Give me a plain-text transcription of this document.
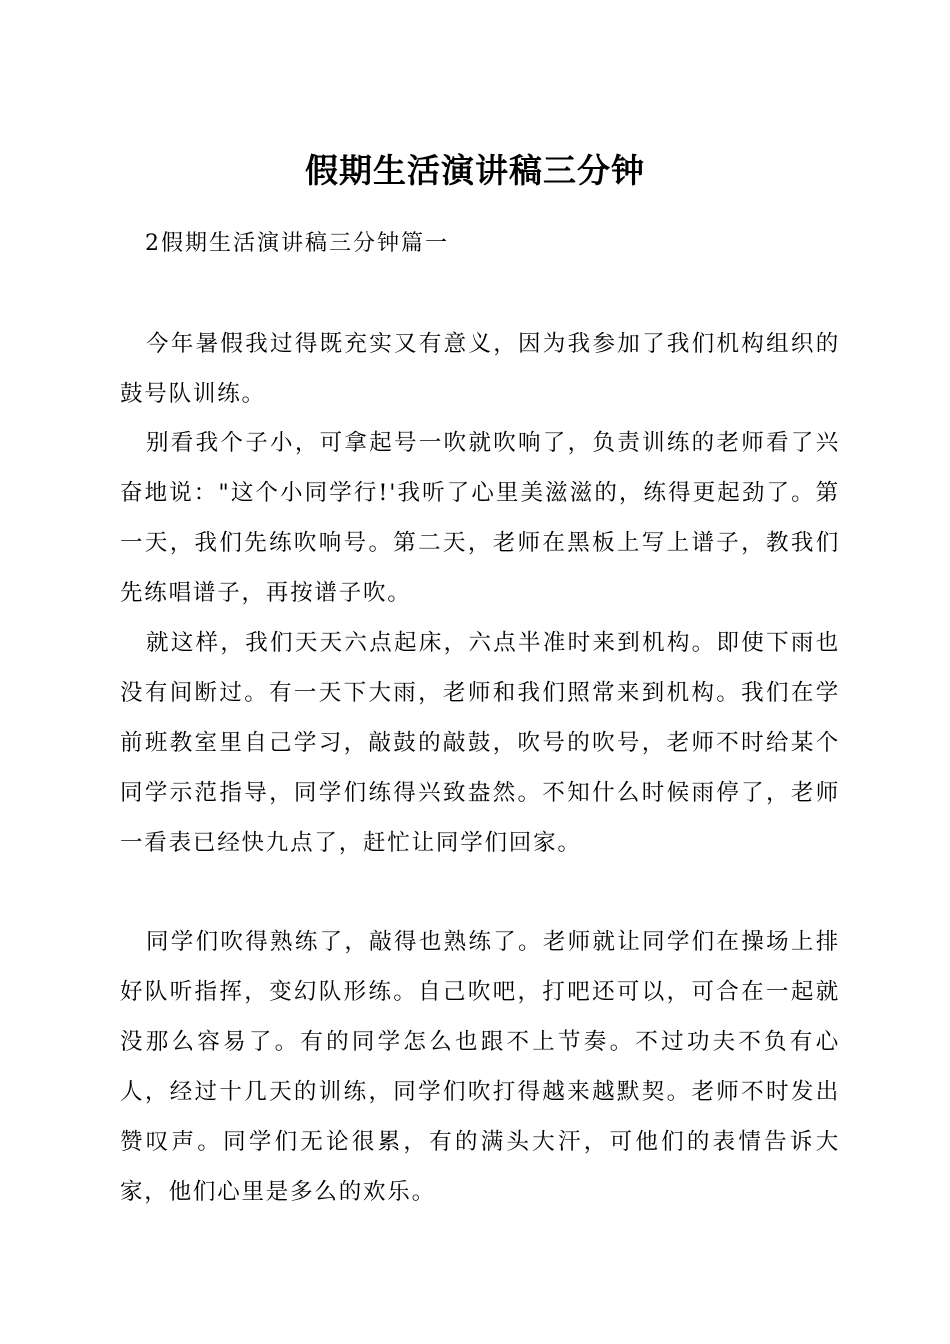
假期生活演讲稿三分钟

2假期生活演讲稿三分钟篇一

今年暑假我过得既充实又有意义，因为我参加了我们机构组织的鼓号队训练。

别看我个子小，可拿起号一吹就吹响了，负责训练的老师看了兴奋地说："这个小同学行!'我听了心里美滋滋的，练得更起劲了。第一天，我们先练吹响号。第二天，老师在黑板上写上谱子，教我们先练唱谱子，再按谱子吹。

就这样，我们天天六点起床，六点半准时来到机构。即使下雨也没有间断过。有一天下大雨，老师和我们照常来到机构。我们在学前班教室里自己学习，敲鼓的敲鼓，吹号的吹号，老师不时给某个同学示范指导，同学们练得兴致盎然。不知什么时候雨停了，老师一看表已经快九点了，赶忙让同学们回家。

同学们吹得熟练了，敲得也熟练了。老师就让同学们在操场上排好队听指挥，变幻队形练。自己吹吧，打吧还可以，可合在一起就没那么容易了。有的同学怎么也跟不上节奏。不过功夫不负有心人，经过十几天的训练，同学们吹打得越来越默契。老师不时发出赞叹声。同学们无论很累，有的满头大汗，可他们的表情告诉大家，他们心里是多么的欢乐。
